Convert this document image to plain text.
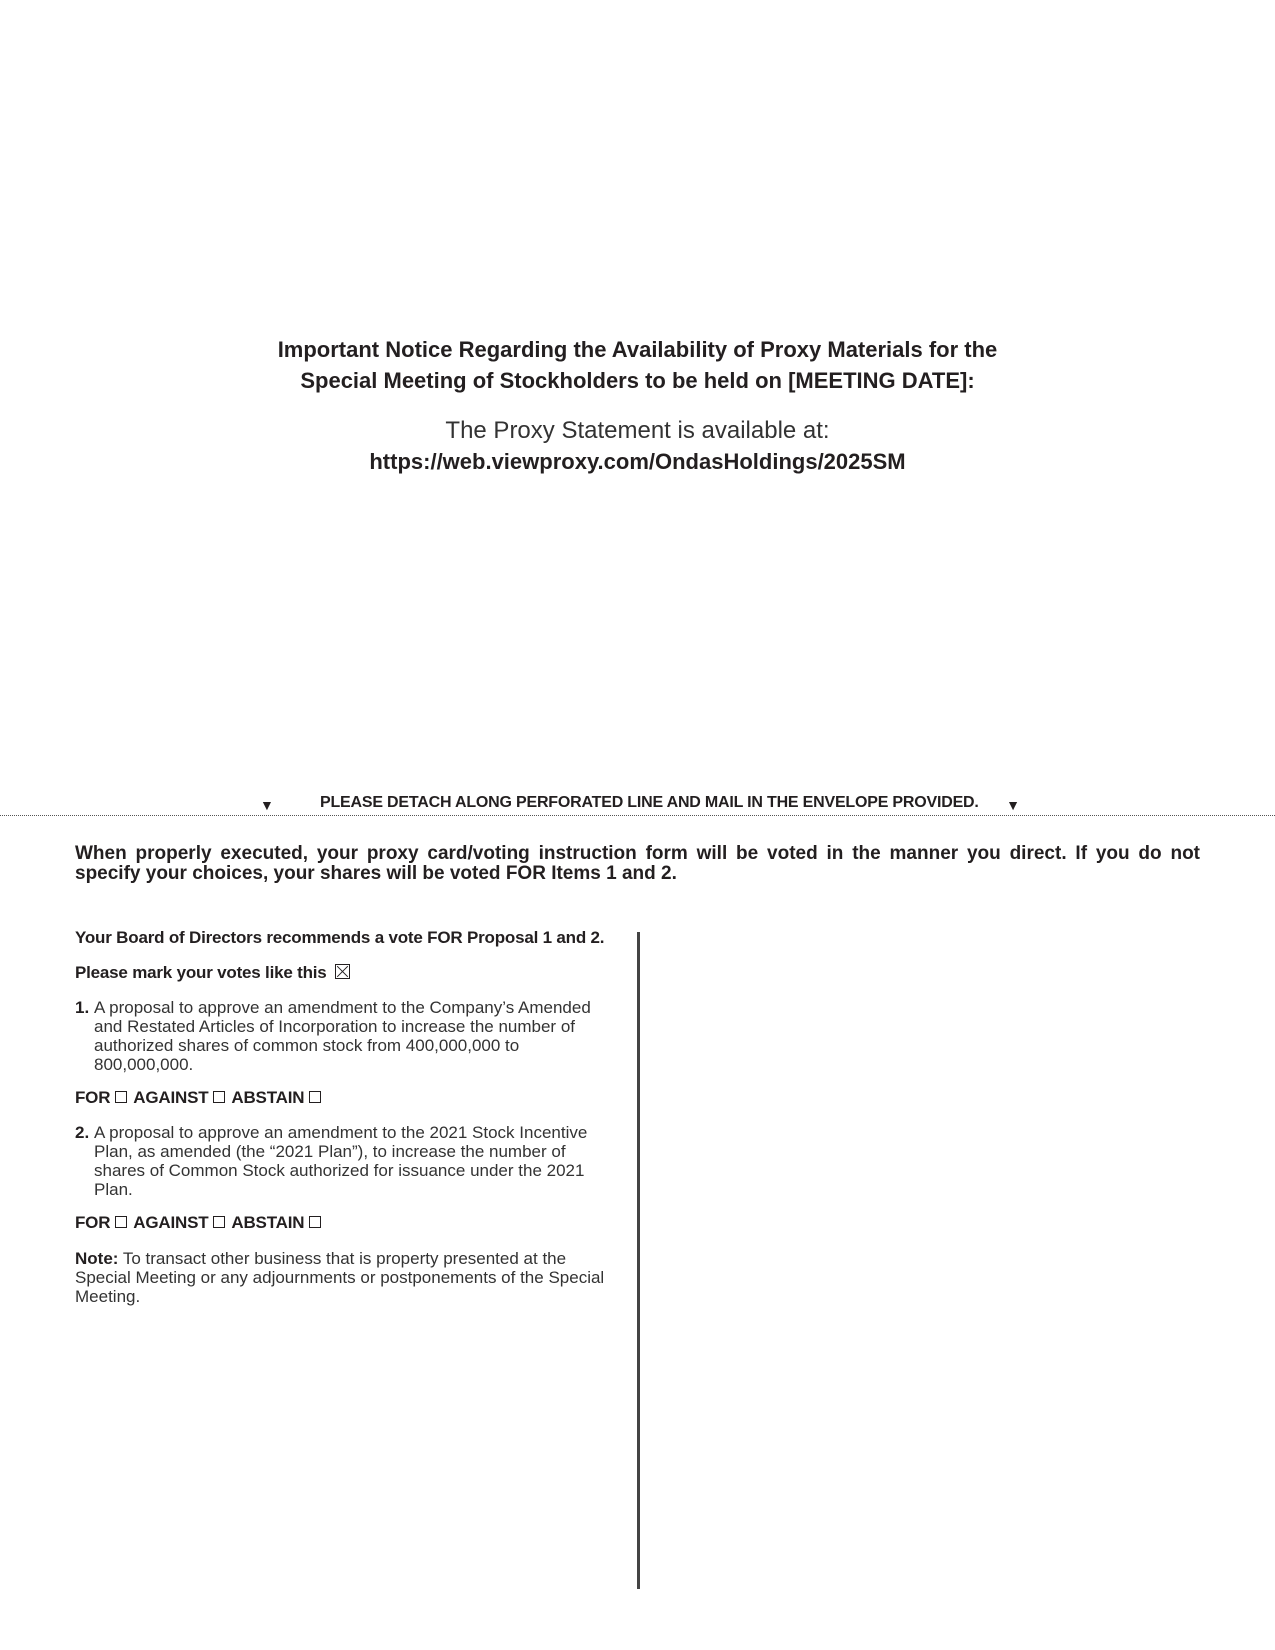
Important Notice Regarding the Availability of Proxy Materials for the
Special Meeting of Stockholders to be held on [MEETING DATE]:
The Proxy Statement is available at:
https://web.viewproxy.com/OndasHoldings/2025SM
▼	PLEASE DETACH ALONG PERFORATED LINE AND MAIL IN THE ENVELOPE PROVIDED. ▼
When properly executed, your proxy card/voting instruction form will be voted in the manner you direct. If you do not specify your choices, your shares will be voted FOR Items 1 and 2.

Your Board of Directors recommends a vote FOR Proposal 1 and 2.

Please mark your votes like this
1. A proposal to approve an amendment to the Company’s Amended and Restated Articles of Incorporation to increase the number of authorized shares of common stock from 400,000,000 to 800,000,000.
FOR AGAINST ABSTAIN
2. A proposal to approve an amendment to the 2021 Stock Incentive Plan, as amended (the “2021 Plan”), to increase the number of shares of Common Stock authorized for issuance under the 2021 Plan.
FOR AGAINST ABSTAIN
Note: To transact other business that is property presented at the Special Meeting or any adjournments or postponements of the Special Meeting.
